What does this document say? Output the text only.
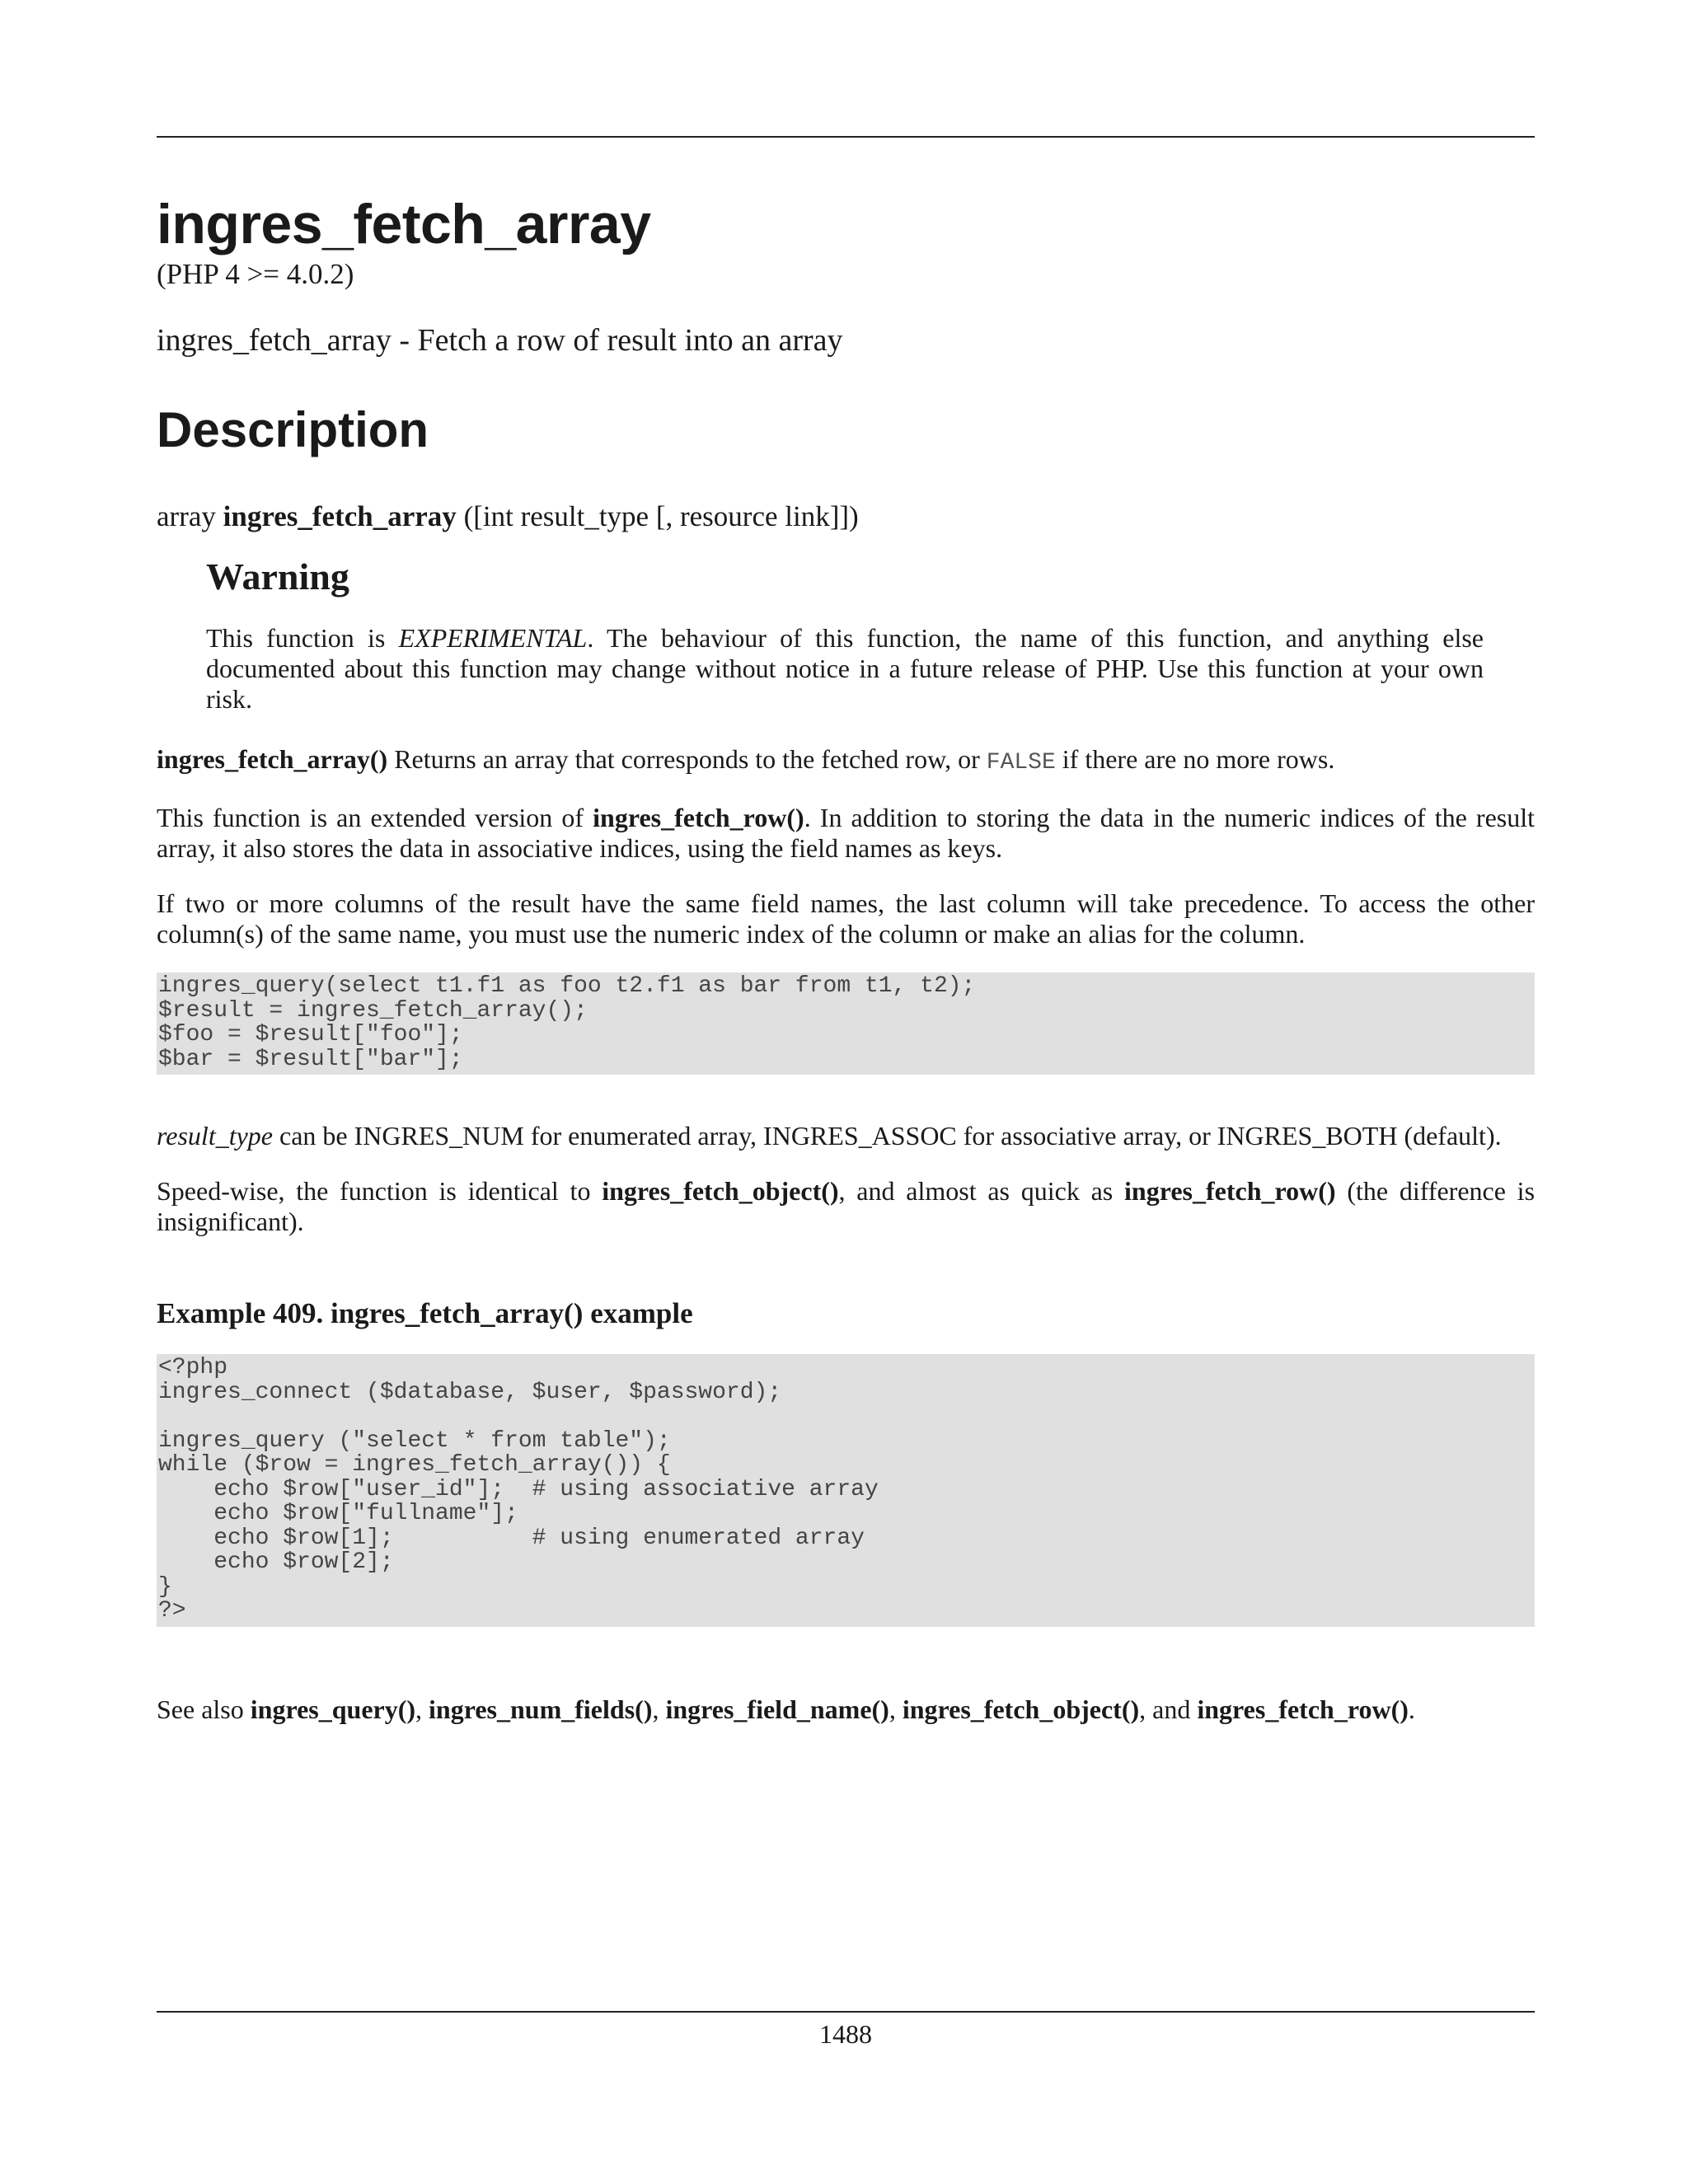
ingres_fetch_array

(PHP 4 >= 4.0.2)

ingres_fetch_array - Fetch a row of result into an array

Description

array ingres_fetch_array ([int result_type [, resource link]])

Warning

This function is EXPERIMENTAL. The behaviour of this function, the name of this function, and anything else documented about this function may change without notice in a future release of PHP. Use this function at your own risk.

ingres_fetch_array() Returns an array that corresponds to the fetched row, or FALSE if there are no more rows.

This function is an extended version of ingres_fetch_row(). In addition to storing the data in the numeric indices of the result array, it also stores the data in associative indices, using the field names as keys.

If two or more columns of the result have the same field names, the last column will take precedence. To access the other column(s) of the same name, you must use the numeric index of the column or make an alias for the column.

ingres_query(select t1.f1 as foo t2.f1 as bar from t1, t2);
$result = ingres_fetch_array();
$foo = $result["foo"];
$bar = $result["bar"];

result_type can be INGRES_NUM for enumerated array, INGRES_ASSOC for associative array, or INGRES_BOTH (default).

Speed-wise, the function is identical to ingres_fetch_object(), and almost as quick as ingres_fetch_row() (the difference is insignificant).

Example 409. ingres_fetch_array() example

<?php
ingres_connect ($database, $user, $password);

ingres_query ("select * from table");
while ($row = ingres_fetch_array()) {
echo $row["user_id"];  # using associative array
echo $row["fullname"];
echo $row[1];          # using enumerated array
echo $row[2];
}
?>

See also ingres_query(), ingres_num_fields(), ingres_field_name(), ingres_fetch_object(), and ingres_fetch_row().

1488
